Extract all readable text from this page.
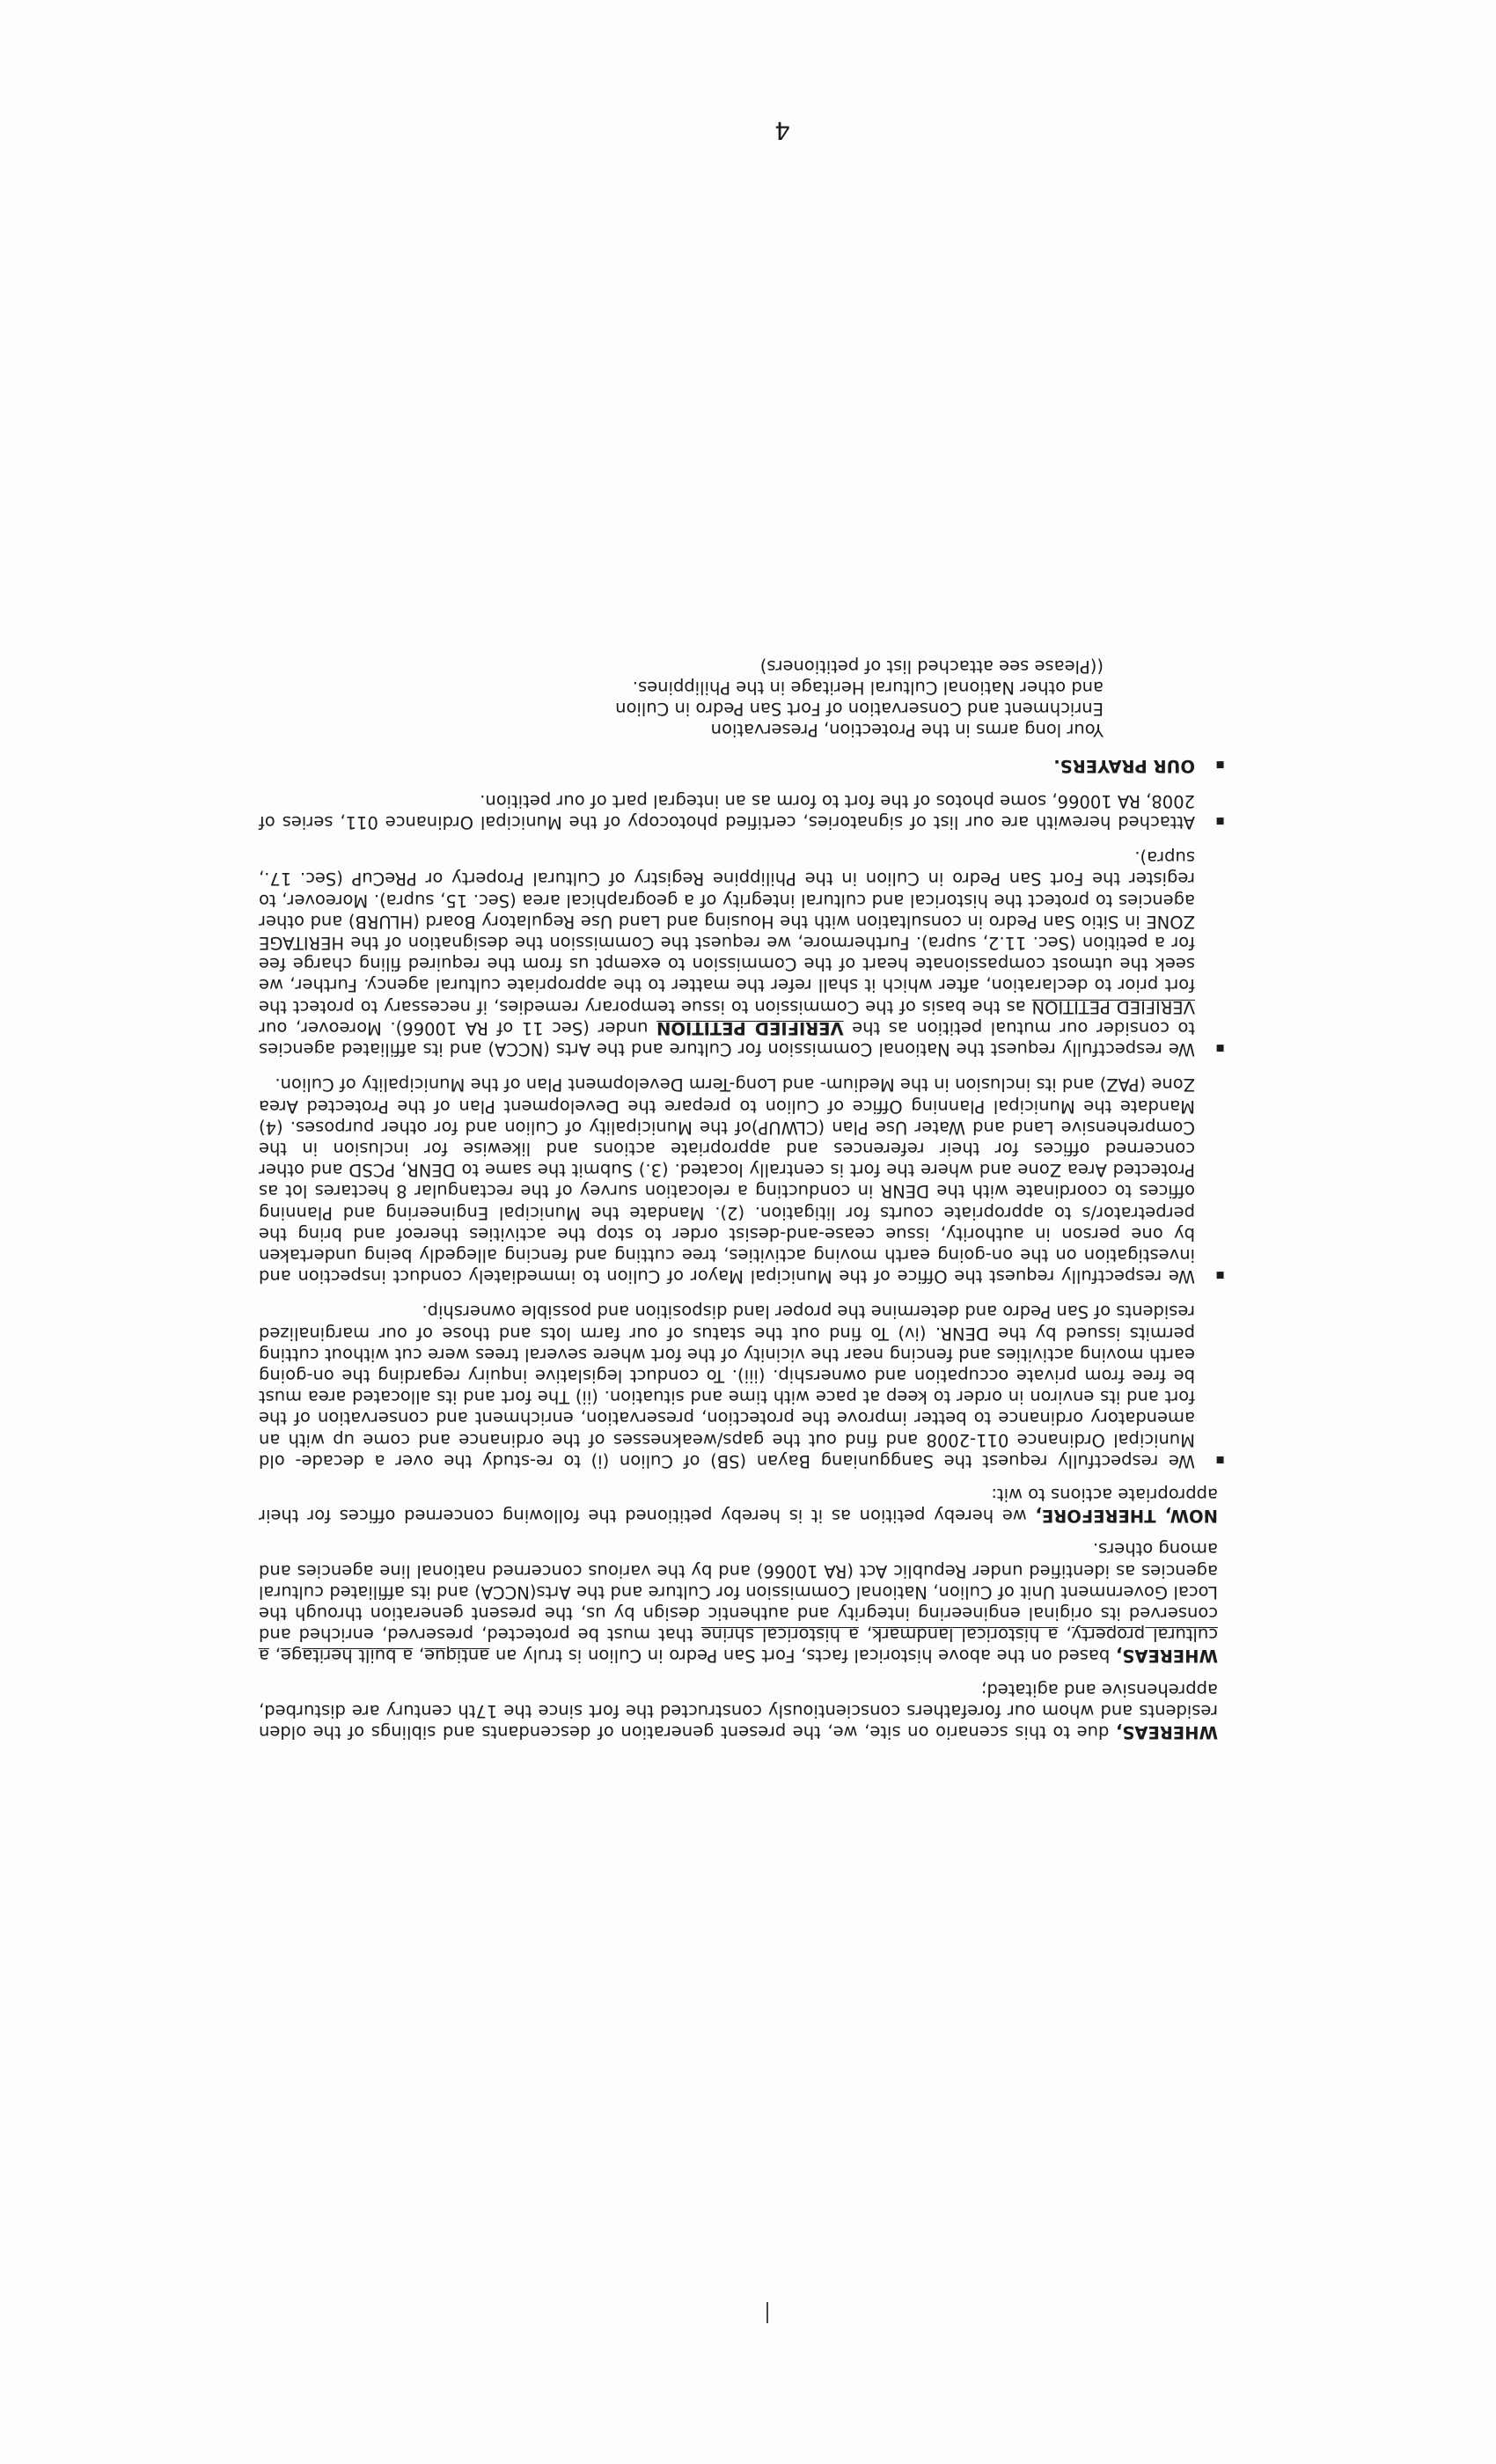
WHEREAS, due to this scenario on site, we, the present generation of descendants and siblings of the olden residents and whom our forefathers conscientiously constructed the fort since the 17th century are disturbed, apprehensive and agitated;

WHEREAS, based on the above historical facts, Fort San Pedro in Culion is truly an antique, a built heritage, a cultural property, a historical landmark, a historical shrine that must be protected, preserved, enriched and conserved its original engineering integrity and authentic design by us, the present generation through the Local Government Unit of Culion, National Commission for Culture and the Arts(NCCA) and its affiliated cultural agencies as identified under Republic Act (RA 10066) and by the various concerned national line agencies and among others.

NOW, THEREFORE, we hereby petition as it is hereby petitioned the following concerned offices for their appropriate actions to wit:

▪ We respectfully request the Sangguniang Bayan (SB) of Culion (i) to re-study the over a decade- old Municipal Ordinance 011-2008 and find out the gaps/weaknesses of the ordinance and come up with an amendatory ordinance to better improve the protection, preservation, enrichment and conservation of the fort and its environ in order to keep at pace with time and situation. (ii) The fort and its allocated area must be free from private occupation and ownership. (iii). To conduct legislative inquiry regarding the on-going earth moving activities and fencing near the vicinity of the fort where several trees were cut without cutting permits issued by the DENR. (iv) To find out the status of our farm lots and those of our marginalized residents of San Pedro and determine the proper land disposition and possible ownership.
▪ We respectfully request the Office of the Municipal Mayor of Culion to immediately conduct inspection and investigation on the on-going earth moving activities, tree cutting and fencing allegedly being undertaken by one person in authority, issue cease-and-desist order to stop the activities thereof and bring the perpetrator/s to appropriate courts for litigation. (2). Mandate the Municipal Engineering and Planning offices to coordinate with the DENR in conducting a relocation survey of the rectangular 8 hectares lot as Protected Area Zone and where the fort is centrally located. (3.) Submit the same to DENR, PCSD and other concerned offices for their references and appropriate actions and likewise for inclusion in the Comprehensive Land and Water Use Plan (CLWUP)of the Municipality of Culion and for other purposes. (4) Mandate the Municipal Planning Office of Culion to prepare the Development Plan of the Protected Area Zone (PAZ) and its inclusion in the Medium- and Long-Term Development Plan of the Municipality of Culion.
▪ We respectfully request the National Commission for Culture and the Arts (NCCA) and its affiliated agencies to consider our mutual petition as the VERIFIED PETITION under (Sec 11 of RA 10066). Moreover, our VERIFIED PETITION as the basis of the Commission to issue temporary remedies, if necessary to protect the fort prior to declaration, after which it shall refer the matter to the appropriate cultural agency. Further, we seek the utmost compassionate heart of the Commission to exempt us from the required filing charge fee for a petition (Sec. 11.2, supra). Furthermore, we request the Commission the designation of the HERITAGE ZONE in Sitio San Pedro in consultation with the Housing and Land Use Regulatory Board (HLURB) and other agencies to protect the historical and cultural integrity of a geographical area (Sec. 15, supra). Moreover, to register the Fort San Pedro in Culion in the Philippine Registry of Cultural Property or PReCuP (Sec. 17., supra).
▪ Attached herewith are our list of signatories, certified photocopy of the Municipal Ordinance 011, series of 2008, RA 10066, some photos of the fort to form as an integral part of our petition.
▪ OUR PRAYERS.
Your long arms in the Protection, Preservation
Enrichment and Conservation of Fort San Pedro in Culion
and other National Cultural Heritage in the Philippines.
((Please see attached list of petitioners)
4
